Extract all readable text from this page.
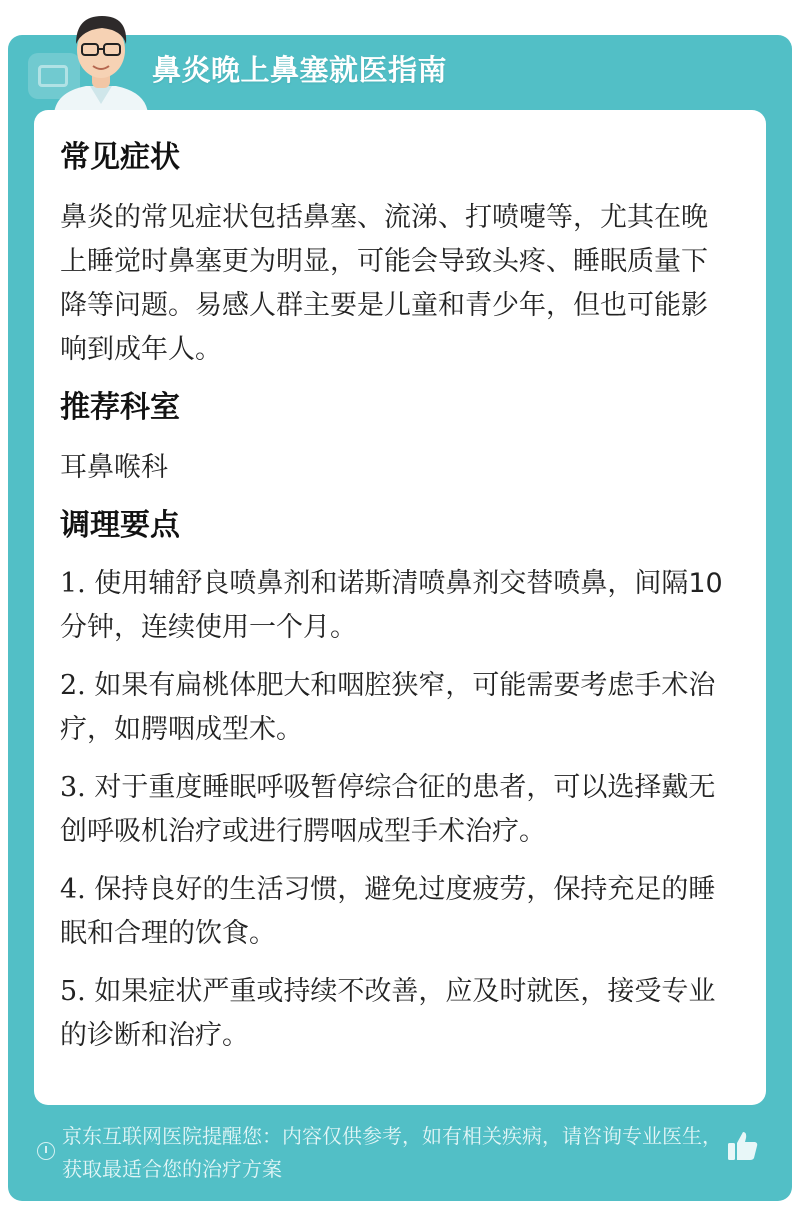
鼻炎晚上鼻塞就医指南
常见症状

鼻炎的常见症状包括鼻塞、流涕、打喷嚏等，尤其在晚上睡觉时鼻塞更为明显，可能会导致头疼、睡眠质量下降等问题。易感人群主要是儿童和青少年，但也可能影响到成年人。

推荐科室

耳鼻喉科

调理要点

1. 使用辅舒良喷鼻剂和诺斯清喷鼻剂交替喷鼻，间隔10分钟，连续使用一个月。

2. 如果有扁桃体肥大和咽腔狭窄，可能需要考虑手术治疗，如腭咽成型术。

3. 对于重度睡眠呼吸暂停综合征的患者，可以选择戴无创呼吸机治疗或进行腭咽成型手术治疗。

4. 保持良好的生活习惯，避免过度疲劳，保持充足的睡眠和合理的饮食。

5. 如果症状严重或持续不改善，应及时就医，接受专业的诊断和治疗。

京东互联网医院提醒您：内容仅供参考，如有相关疾病，请咨询专业医生，获取最适合您的治疗方案
